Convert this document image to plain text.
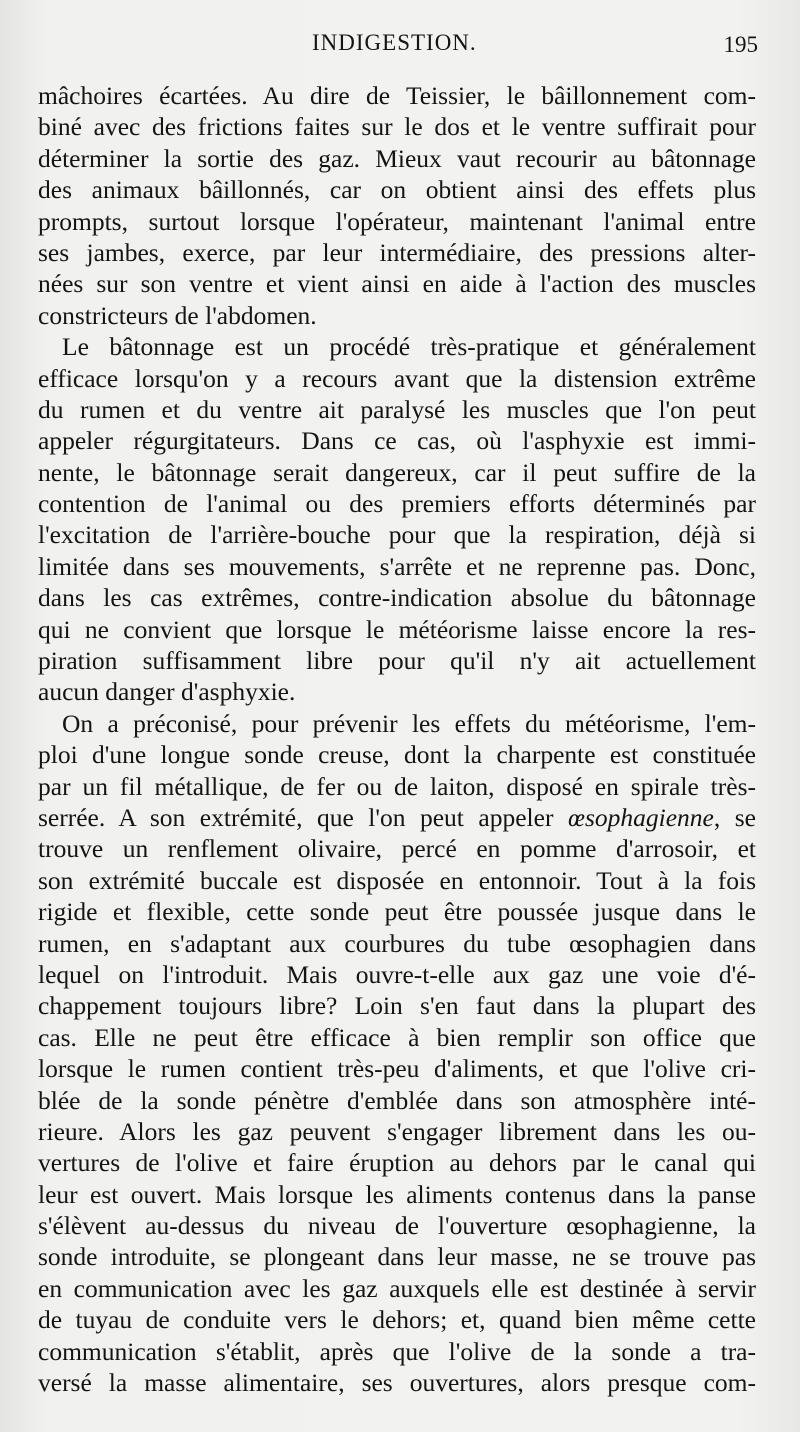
INDIGESTION.	195
mâchoires écartées. Au dire de Teissier, le bâillonnement com-
biné avec des frictions faites sur le dos et le ventre suffirait pour
déterminer la sortie des gaz. Mieux vaut recourir au bâtonnage
des animaux bâillonnés, car on obtient ainsi des effets plus
prompts, surtout lorsque l'opérateur, maintenant l'animal entre
ses jambes, exerce, par leur intermédiaire, des pressions alter-
nées sur son ventre et vient ainsi en aide à l'action des muscles
constricteurs de l'abdomen.
Le bâtonnage est un procédé très-pratique et généralement
efficace lorsqu'on y a recours avant que la distension extrême
du rumen et du ventre ait paralysé les muscles que l'on peut
appeler régurgitateurs. Dans ce cas, où l'asphyxie est immi-
nente, le bâtonnage serait dangereux, car il peut suffire de la
contention de l'animal ou des premiers efforts déterminés par
l'excitation de l'arrière-bouche pour que la respiration, déjà si
limitée dans ses mouvements, s'arrête et ne reprenne pas. Donc,
dans les cas extrêmes, contre-indication absolue du bâtonnage
qui ne convient que lorsque le météorisme laisse encore la res-
piration suffisamment libre pour qu'il n'y ait actuellement
aucun danger d'asphyxie.
On a préconisé, pour prévenir les effets du météorisme, l'em-
ploi d'une longue sonde creuse, dont la charpente est constituée
par un fil métallique, de fer ou de laiton, disposé en spirale très-
serrée. A son extrémité, que l'on peut appeler œsophagienne, se
trouve un renflement olivaire, percé en pomme d'arrosoir, et
son extrémité buccale est disposée en entonnoir. Tout à la fois
rigide et flexible, cette sonde peut être poussée jusque dans le
rumen, en s'adaptant aux courbures du tube œsophagien dans
lequel on l'introduit. Mais ouvre-t-elle aux gaz une voie d'é-
chappement toujours libre? Loin s'en faut dans la plupart des
cas. Elle ne peut être efficace à bien remplir son office que
lorsque le rumen contient très-peu d'aliments, et que l'olive cri-
blée de la sonde pénètre d'emblée dans son atmosphère inté-
rieure. Alors les gaz peuvent s'engager librement dans les ou-
vertures de l'olive et faire éruption au dehors par le canal qui
leur est ouvert. Mais lorsque les aliments contenus dans la panse
s'élèvent au-dessus du niveau de l'ouverture œsophagienne, la
sonde introduite, se plongeant dans leur masse, ne se trouve pas
en communication avec les gaz auxquels elle est destinée à servir
de tuyau de conduite vers le dehors; et, quand bien même cette
communication s'établit, après que l'olive de la sonde a tra-
versé la masse alimentaire, ses ouvertures, alors presque com-
